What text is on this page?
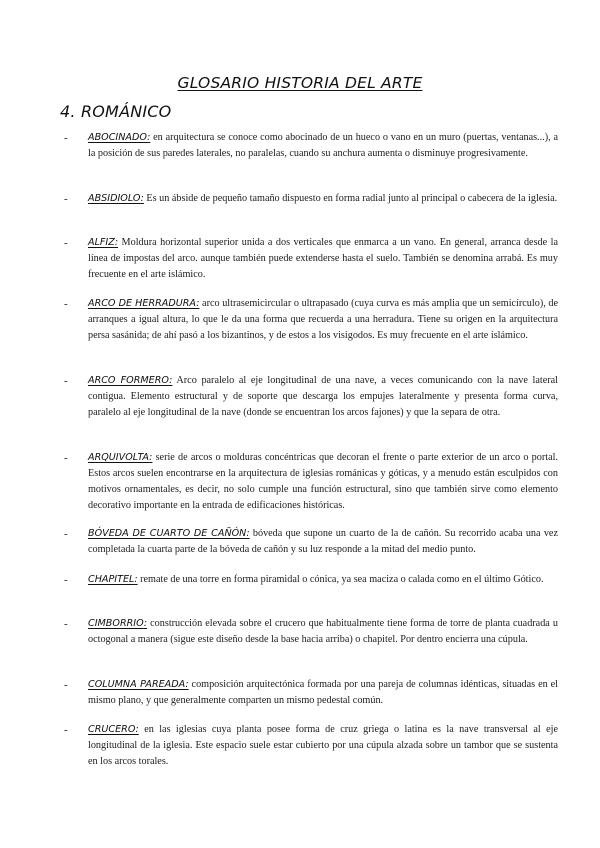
GLOSARIO HISTORIA DEL ARTE
4. ROMÁNICO
- ABOCINADO: en arquitectura se conoce como abocinado de un hueco o vano en un muro (puertas, ventanas...), a la posición de sus paredes laterales, no paralelas, cuando su anchura aumenta o disminuye progresivamente.
- ABSIDIOLO: Es un ábside de pequeño tamaño dispuesto en forma radial junto al principal o cabecera de la iglesia.
- ALFIZ: Moldura horizontal superior unida a dos verticales que enmarca a un vano. En general, arranca desde la línea de impostas del arco. aunque también puede extenderse hasta el suelo. También se denomina arrabá. Es muy frecuente en el arte islámico.
- ARCO DE HERRADURA: arco ultrasemicircular o ultrapasado (cuya curva es más amplia que un semicírculo), de arranques a igual altura, lo que le da una forma que recuerda a una herradura. Tiene su origen en la arquitectura persa sasánida; de ahí pasó a los bizantinos, y de estos a los visigodos. Es muy frecuente en el arte islámico.
- ARCO FORMERO: Arco paralelo al eje longitudinal de una nave, a veces comunicando con la nave lateral contigua. Elemento estructural y de soporte que descarga los empujes lateralmente y presenta forma curva, paralelo al eje longitudinal de la nave (donde se encuentran los arcos fajones) y que la separa de otra.
- ARQUIVOLTA: serie de arcos o molduras concéntricas que decoran el frente o parte exterior de un arco o portal. Estos arcos suelen encontrarse en la arquitectura de iglesias románicas y góticas, y a menudo están esculpidos con motivos ornamentales, es decir, no solo cumple una función estructural, sino que también sirve como elemento decorativo importante en la entrada de edificaciones históricas.
- BÓVEDA DE CUARTO DE CAÑÓN: bóveda que supone un cuarto de la de cañón. Su recorrido acaba una vez completada la cuarta parte de la bóveda de cañón y su luz responde a la mitad del medio punto.
- CHAPITEL: remate de una torre en forma piramidal o cónica, ya sea maciza o calada como en el último Gótico.
- CIMBORRIO: construcción elevada sobre el crucero que habitualmente tiene forma de torre de planta cuadrada u octogonal a manera (sigue este diseño desde la base hacia arriba) o chapitel. Por dentro encierra una cúpula.
- COLUMNA PAREADA: composición arquitectónica formada por una pareja de columnas idénticas, situadas en el mismo plano, y que generalmente comparten un mismo pedestal común.
- CRUCERO: en las iglesias cuya planta posee forma de cruz griega o latina es la nave transversal al eje longitudinal de la iglesia. Este espacio suele estar cubierto por una cúpula alzada sobre un tambor que se sustenta en los arcos torales.
